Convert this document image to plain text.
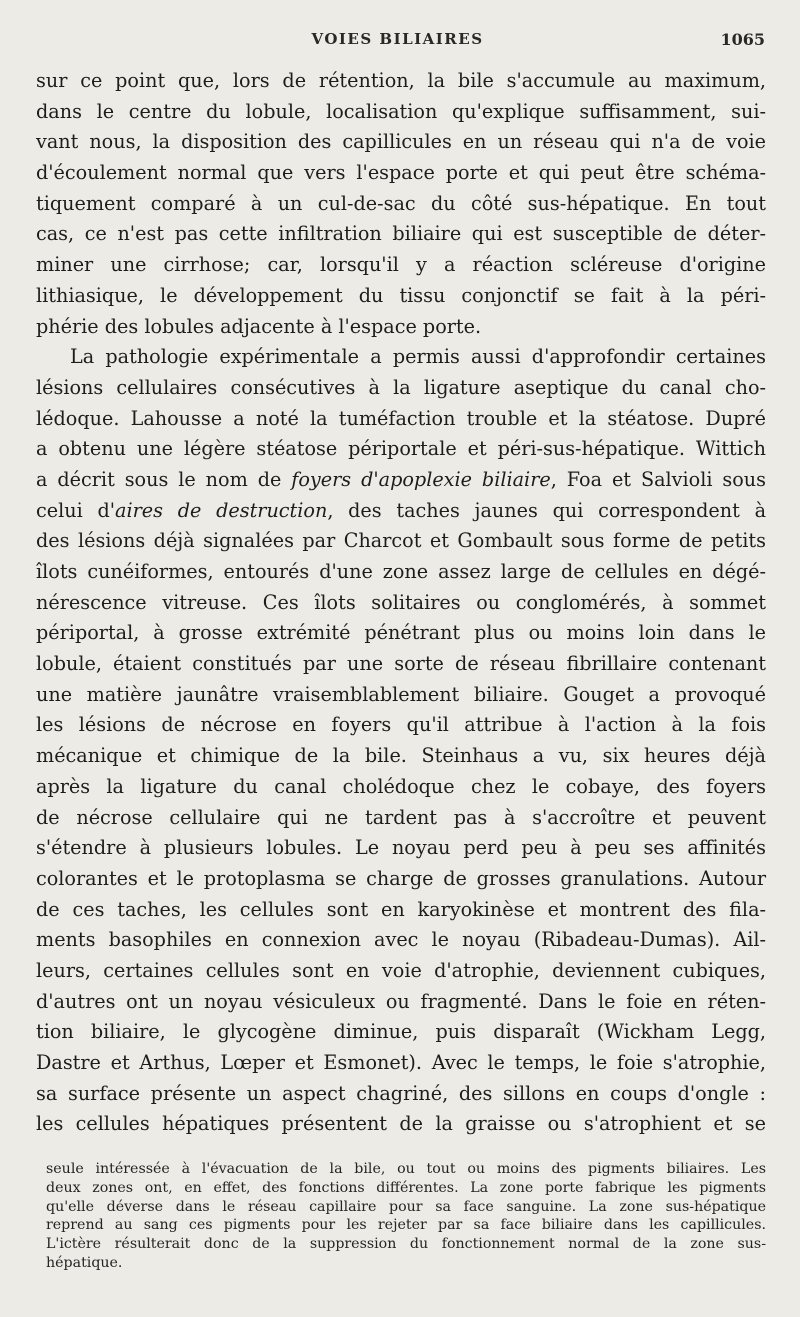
VOIES BILIAIRES	1065
sur ce point que, lors de rétention, la bile s'accumule au maximum,
dans le centre du lobule, localisation qu'explique suffisamment, sui-
vant nous, la disposition des capillicules en un réseau qui n'a de voie
d'écoulement normal que vers l'espace porte et qui peut être schéma-
tiquement comparé à un cul-de-sac du côté sus-hépatique. En tout
cas, ce n'est pas cette infiltration biliaire qui est susceptible de déter-
miner une cirrhose; car, lorsqu'il y a réaction scléreuse d'origine
lithiasique, le développement du tissu conjonctif se fait à la péri-
phérie des lobules adjacente à l'espace porte.
La pathologie expérimentale a permis aussi d'approfondir certaines
lésions cellulaires consécutives à la ligature aseptique du canal cho-
lédoque. Lahousse a noté la tuméfaction trouble et la stéatose. Dupré
a obtenu une légère stéatose périportale et péri-sus-hépatique. Wittich
a décrit sous le nom de foyers d'apoplexie biliaire, Foa et Salvioli sous
celui d'aires de destruction, des taches jaunes qui correspondent à
des lésions déjà signalées par Charcot et Gombault sous forme de petits
îlots cunéiformes, entourés d'une zone assez large de cellules en dégé-
nérescence vitreuse. Ces îlots solitaires ou conglomérés, à sommet
périportal, à grosse extrémité pénétrant plus ou moins loin dans le
lobule, étaient constitués par une sorte de réseau fibrillaire contenant
une matière jaunâtre vraisemblablement biliaire. Gouget a provoqué
les lésions de nécrose en foyers qu'il attribue à l'action à la fois
mécanique et chimique de la bile. Steinhaus a vu, six heures déjà
après la ligature du canal cholédoque chez le cobaye, des foyers
de nécrose cellulaire qui ne tardent pas à s'accroître et peuvent
s'étendre à plusieurs lobules. Le noyau perd peu à peu ses affinités
colorantes et le protoplasma se charge de grosses granulations. Autour
de ces taches, les cellules sont en karyokinèse et montrent des fila-
ments basophiles en connexion avec le noyau (Ribadeau-Dumas). Ail-
leurs, certaines cellules sont en voie d'atrophie, deviennent cubiques,
d'autres ont un noyau vésiculeux ou fragmenté. Dans le foie en réten-
tion biliaire, le glycogène diminue, puis disparaît (Wickham Legg,
Dastre et Arthus, Lœper et Esmonet). Avec le temps, le foie s'atrophie,
sa surface présente un aspect chagriné, des sillons en coups d'ongle :
les cellules hépatiques présentent de la graisse ou s'atrophient et se
seule intéressée à l'évacuation de la bile, ou tout ou moins des pigments biliaires. Les
deux zones ont, en effet, des fonctions différentes. La zone porte fabrique les pigments
qu'elle déverse dans le réseau capillaire pour sa face sanguine. La zone sus-hépatique
reprend au sang ces pigments pour les rejeter par sa face biliaire dans les capillicules.
L'ictère résulterait donc de la suppression du fonctionnement normal de la zone sus-
hépatique.
